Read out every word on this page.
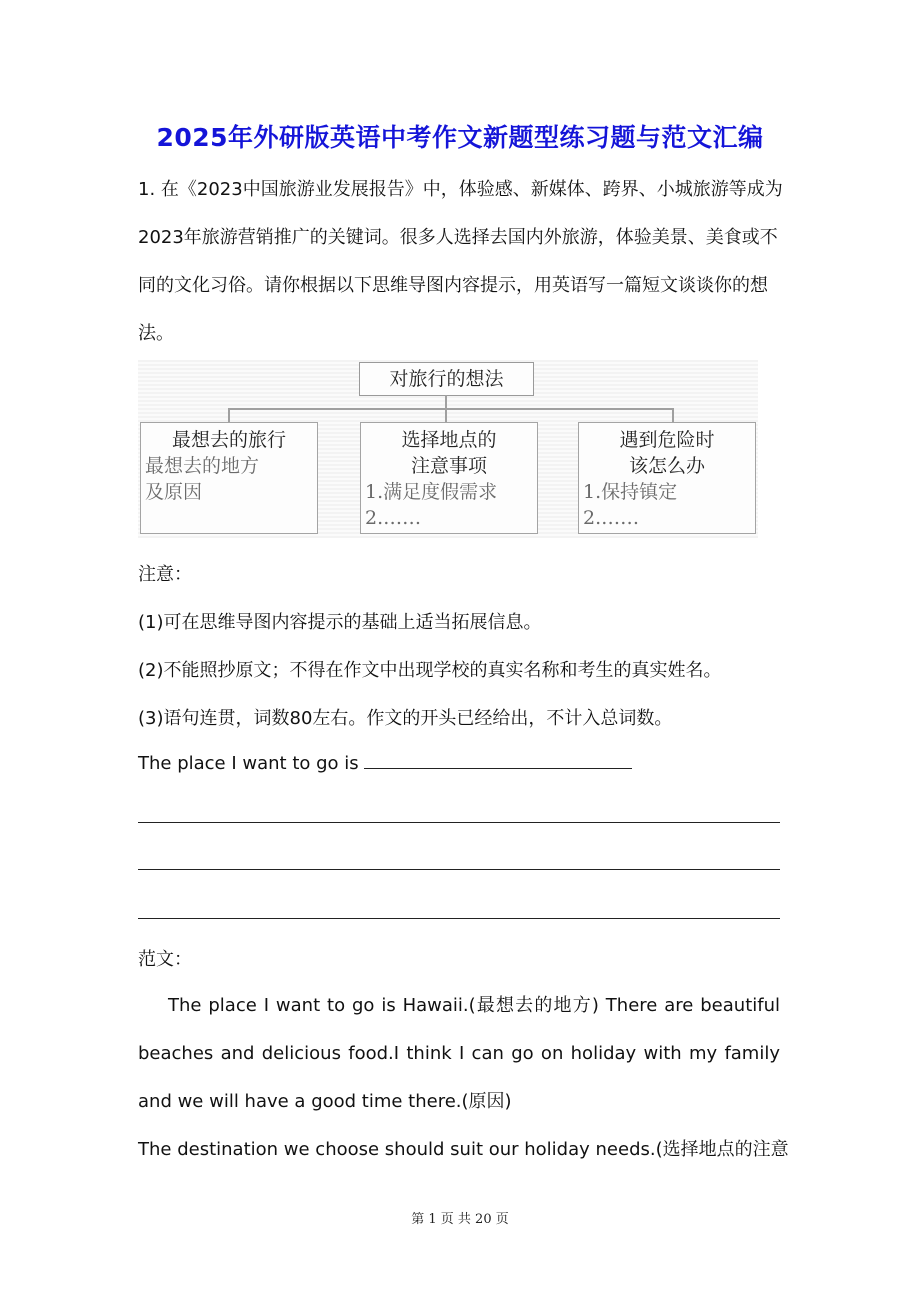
2025年外研版英语中考作文新题型练习题与范文汇编

1. 在《2023中国旅游业发展报告》中，体验感、新媒体、跨界、小城旅游等成为2023年旅游营销推广的关键词。很多人选择去国内外旅游，体验美景、美食或不同的文化习俗。请你根据以下思维导图内容提示，用英语写一篇短文谈谈你的想法。

对旅行的想法
最想去的旅行
最想去的地方
及原因
选择地点的
注意事项
1.满足度假需求
2.……
遇到危险时
该怎么办
1.保持镇定
2.……

注意：

(1)可在思维导图内容提示的基础上适当拓展信息。

(2)不能照抄原文；不得在作文中出现学校的真实名称和考生的真实姓名。

(3)语句连贯，词数80左右。作文的开头已经给出，不计入总词数。

The place I want to go is

范文：

The place I want to go is Hawaii.(最想去的地方) There are beautiful beaches and delicious food.I think I can go on holiday with my family and we will have a good time there.(原因)
The destination we choose should suit our holiday needs.(选择地点的注意
第 1 页 共 20 页
